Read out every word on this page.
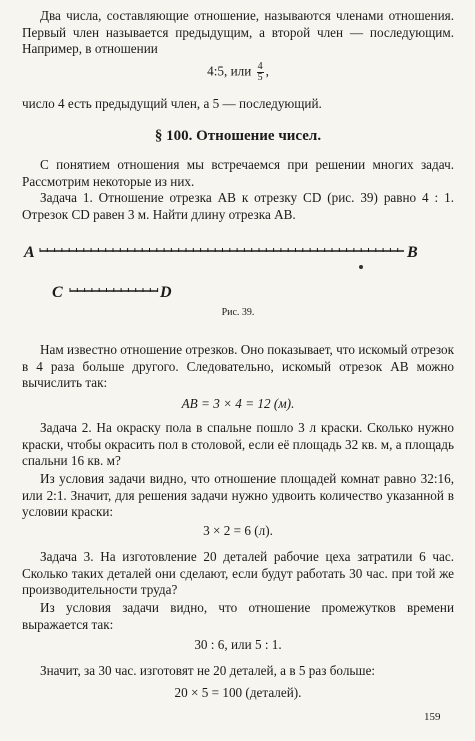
Два числа, составляющие отношение, называются членами отношения. Первый член называется предыдущим, а второй член — последующим. Например, в отношении

4:5, или $\frac{4}{5}$ ,

число 4 есть предыдущий член, а 5 — последующий.

§ 100. Отношение чисел.

С понятием отношения мы встречаемся при решении многих задач. Рассмотрим некоторые из них.

Задача 1. Отношение отрезка AB к отрезку CD (рис. 39) равно 4 : 1. Отрезок CD равен 3 м. Найти длину отрезка AB.

A	B
C	D

Рис. 39.

Нам известно отношение отрезков. Оно показывает, что искомый отрезок в 4 раза больше другого. Следовательно, искомый отрезок AB можно вычислить так:

AB = 3 × 4 = 12 (м).

Задача 2. На окраску пола в спальне пошло 3 л краски. Сколько нужно краски, чтобы окрасить пол в столовой, если её площадь 32 кв. м, а площадь спальни 16 кв. м?

Из условия задачи видно, что отношение площадей комнат равно 32:16, или 2:1. Значит, для решения задачи нужно удвоить количество указанной в условии краски:

3 × 2 = 6 (л).

Задача 3. На изготовление 20 деталей рабочие цеха затратили 6 час. Сколько таких деталей они сделают, если будут работать 30 час. при той же производительности труда?

Из условия задачи видно, что отношение промежутков времени выражается так:

30 : 6, или 5 : 1.

Значит, за 30 час. изготовят не 20 деталей, а в 5 раз больше:

20 × 5 = 100 (деталей).

159
